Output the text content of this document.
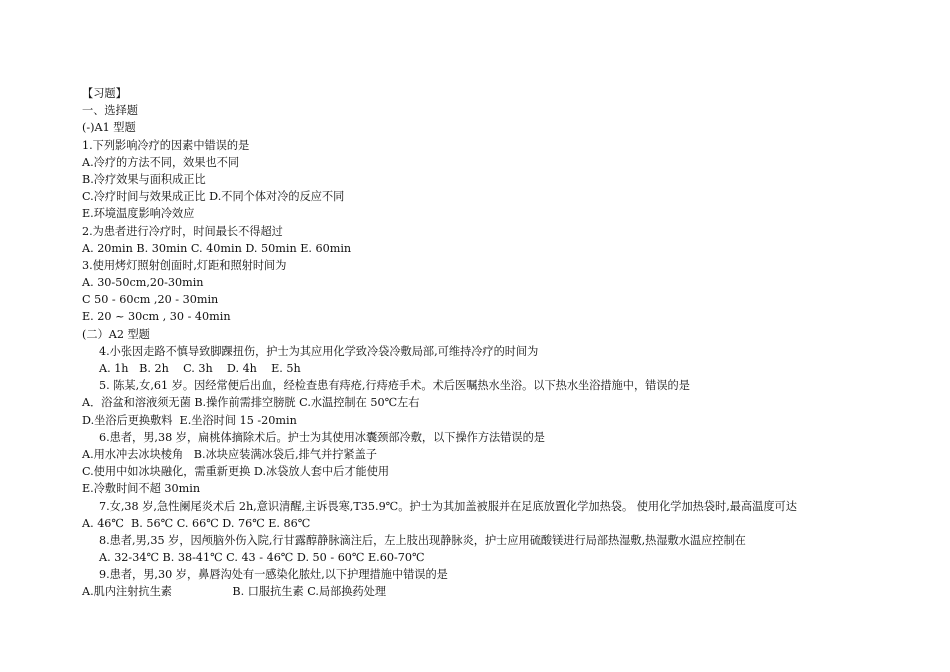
【习题】
一、选择题
(-)A1 型题
1.下列影响冷疗的因素中错误的是
A.冷疗的方法不同，效果也不同
B.冷疗效果与面积成正比
C.冷疗时间与效果成正比 D.不同个体对冷的反应不同
E.环境温度影响冷效应
2.为患者进行冷疗时，时间最长不得超过
A. 20min B. 30min C. 40min D. 50min E. 60min
3.使用烤灯照射创面时,灯距和照射时间为
A. 30-50cm,20-30min
C 50 - 60cm ,20 - 30min
E. 20 ~ 30cm , 30 - 40min
(二）A2 型题
4.小张因走路不慎导致脚踝扭伤，护士为其应用化学致冷袋冷敷局部,可维持冷疗的时间为
A. 1h   B. 2h    C. 3h    D. 4h    E. 5h
5. 陈某,女,61 岁。因经常便后出血，经检查患有痔疮,行痔疮手术。术后医嘱热水坐浴。以下热水坐浴措施中，错误的是
A．浴盆和溶液须无菌 B.操作前需排空膀胱 C.水温控制在 50℃左右
D.坐浴后更换敷料  E.坐浴时间 15 -20min
6.患者，男,38 岁，扁桃体摘除术后。护士为其使用冰囊颈部冷敷，以下操作方法错误的是
A.用水冲去冰块棱角   B.冰块应装满冰袋后,排气并拧紧盖子
C.使用中如冰块融化，需重新更换 D.冰袋放人套中后才能使用
E.冷敷时间不超 30min
7.女,38 岁,急性阑尾炎术后 2h,意识清醒,主诉畏寒,T35.9℃。护士为其加盖被服并在足底放置化学加热袋。 使用化学加热袋时,最高温度可达
A. 46℃  B. 56℃ C. 66℃ D. 76℃ E. 86℃
8.患者,男,35 岁，因颅脑外伤入院,行甘露醇静脉滴注后，左上肢出现静脉炎，护士应用硫酸镁进行局部热湿敷,热湿敷水温应控制在
A. 32-34℃ B. 38-41℃ C. 43 - 46℃ D. 50 - 60℃ E.60-70℃
9.患者，男,30 岁，鼻唇沟处有一感染化脓灶,以下护理措施中错误的是
A.肌内注射抗生素                 B. 口服抗生素 C.局部换药处理
